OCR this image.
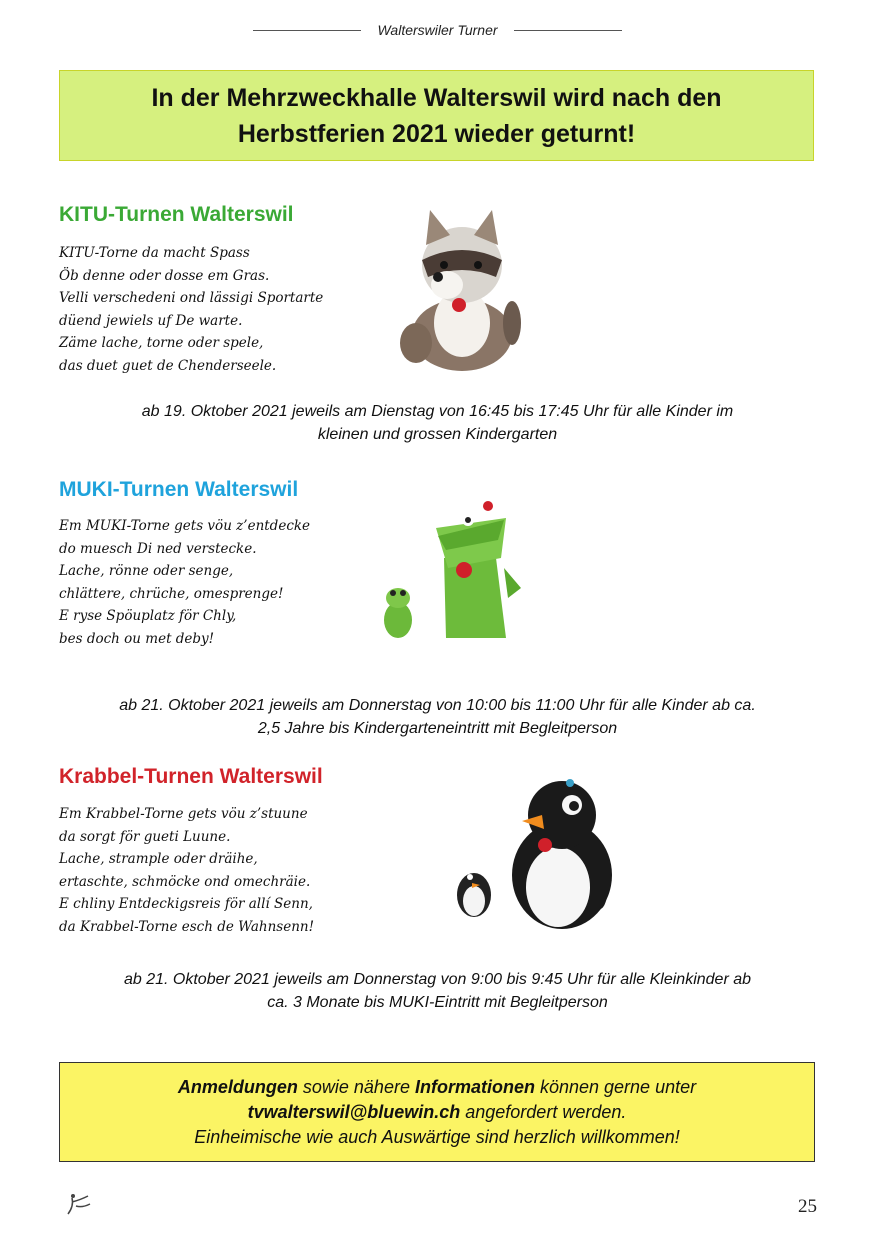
Walterswiler Turner
In der Mehrzweckhalle Walterswil wird nach den
Herbstferien 2021 wieder geturnt!
KITU-Turnen Walterswil
KITU-Torne da macht Spass
Öb denne oder dosse em Gras.
Velli verschedeni ond lässigi Sportarte
düend jewiels uf De warte.
Zäme lache, torne oder spele,
das duet guet de Chenderseele.
ab 19. Oktober 2021 jeweils am Dienstag von 16:45 bis 17:45 Uhr für alle Kinder im
kleinen und grossen Kindergarten
MUKI-Turnen Walterswil
Em MUKI-Torne gets vöu z’entdecke
do muesch Di ned verstecke.
Lache, rönne oder senge,
chlättere, chrüche, omesprenge!
E ryse Spöuplatz för Chly,
bes doch ou met deby!
ab 21. Oktober 2021 jeweils am Donnerstag von 10:00 bis 11:00 Uhr für alle Kinder ab ca.
2,5 Jahre bis Kindergarteneintritt mit Begleitperson
Krabbel-Turnen Walterswil
Em Krabbel-Torne gets vöu z’stuune
da sorgt för gueti Luune.
Lache, strample oder dräihe,
ertaschte, schmöcke ond omechräie.
E chliny Entdeckigsreis för allí Senn,
da Krabbel-Torne esch de Wahnsenn!
ab 21. Oktober 2021 jeweils am Donnerstag von 9:00 bis 9:45 Uhr für alle Kleinkinder ab
ca. 3 Monate bis MUKI-Eintritt mit Begleitperson
Anmeldungen sowie nähere Informationen können gerne unter
tvwalterswil@bluewin.ch angefordert werden.
Einheimische wie auch Auswärtige sind herzlich willkommen!
25
